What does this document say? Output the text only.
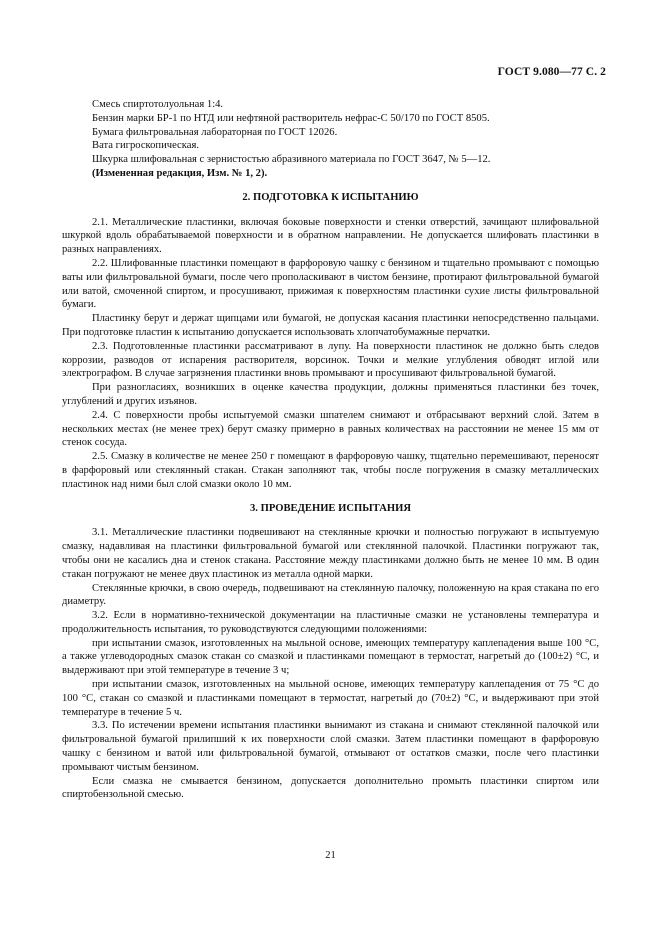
ГОСТ 9.080—77 С. 2

Смесь спиртотолуольная 1:4.

Бензин марки БР-1 по НТД или нефтяной растворитель нефрас-С 50/170 по ГОСТ 8505.

Бумага фильтровальная лабораторная по ГОСТ 12026.

Вата гигроскопическая.

Шкурка шлифовальная с зернистостью абразивного материала по ГОСТ 3647, № 5—12.

(Измененная редакция, Изм. № 1, 2).

2. ПОДГОТОВКА К ИСПЫТАНИЮ

2.1. Металлические пластинки, включая боковые поверхности и стенки отверстий, зачищают шлифовальной шкуркой вдоль обрабатываемой поверхности и в обратном направлении. Не допускается шлифовать пластинки в разных направлениях.

2.2. Шлифованные пластинки помещают в фарфоровую чашку с бензином и тщательно промывают с помощью ваты или фильтровальной бумаги, после чего прополаскивают в чистом бензине, протирают фильтровальной бумагой или ватой, смоченной спиртом, и просушивают, прижимая к поверхностям пластинки сухие листы фильтровальной бумаги.

Пластинку берут и держат щипцами или бумагой, не допуская касания пластинки непосредственно пальцами. При подготовке пластин к испытанию допускается использовать хлопчатобумажные перчатки.

2.3. Подготовленные пластинки рассматривают в лупу. На поверхности пластинок не должно быть следов коррозии, разводов от испарения растворителя, ворсинок. Точки и мелкие углубления обводят иглой или электрографом. В случае загрязнения пластинки вновь промывают и просушивают фильтровальной бумагой.

При разногласиях, возникших в оценке качества продукции, должны применяться пластинки без точек, углублений и других изъянов.

2.4. С поверхности пробы испытуемой смазки шпателем снимают и отбрасывают верхний слой. Затем в нескольких местах (не менее трех) берут смазку примерно в равных количествах на расстоянии не менее 15 мм от стенок сосуда.

2.5. Смазку в количестве не менее 250 г помещают в фарфоровую чашку, тщательно перемешивают, переносят в фарфоровый или стеклянный стакан. Стакан заполняют так, чтобы после погружения в смазку металлических пластинок над ними был слой смазки около 10 мм.

3. ПРОВЕДЕНИЕ ИСПЫТАНИЯ

3.1. Металлические пластинки подвешивают на стеклянные крючки и полностью погружают в испытуемую смазку, надавливая на пластинки фильтровальной бумагой или стеклянной палочкой. Пластинки погружают так, чтобы они не касались дна и стенок стакана. Расстояние между пластинками должно быть не менее 10 мм. В один стакан погружают не менее двух пластинок из металла одной марки.

Стеклянные крючки, в свою очередь, подвешивают на стеклянную палочку, положенную на края стакана по его диаметру.

3.2. Если в нормативно-технической документации на пластичные смазки не установлены температура и продолжительность испытания, то руководствуются следующими положениями:

при испытании смазок, изготовленных на мыльной основе, имеющих температуру каплепадения выше 100 °С, а также углеводородных смазок стакан со смазкой и пластинками помещают в термостат, нагретый до (100±2) °С, и выдерживают при этой температуре в течение 3 ч;

при испытании смазок, изготовленных на мыльной основе, имеющих температуру каплепадения от 75 °С до 100 °С, стакан со смазкой и пластинками помещают в термостат, нагретый до (70±2) °С, и выдерживают при этой температуре в течение 5 ч.

3.3. По истечении времени испытания пластинки вынимают из стакана и снимают стеклянной палочкой или фильтровальной бумагой прилипший к их поверхности слой смазки. Затем пластинки помещают в фарфоровую чашку с бензином и ватой или фильтровальной бумагой, отмывают от остатков смазки, после чего пластинки промывают чистым бензином.

Если смазка не смывается бензином, допускается дополнительно промыть пластинки спиртом или спиртобензольной смесью.

21
